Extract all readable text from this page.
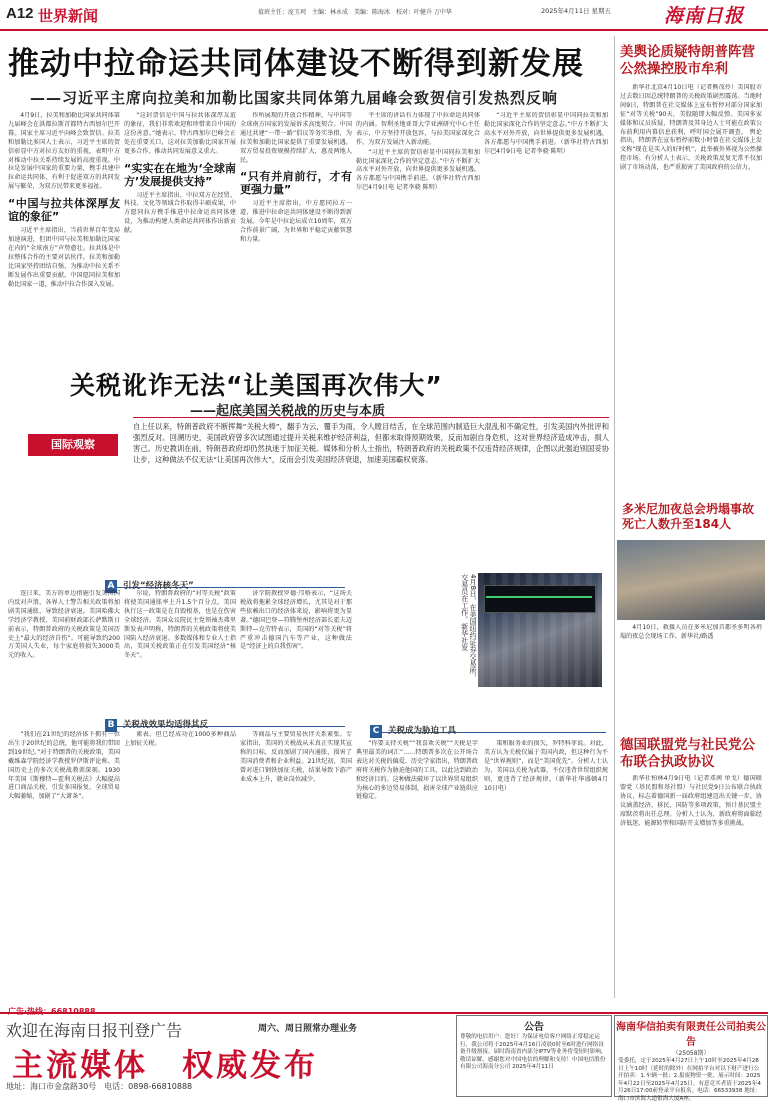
A12 世界新闻	值班主任：庞玉珂　主编：林永成　美编：陈海冰　校对：叶健升 万中华	2025年4月11日 星期五	海南日报
推动中拉命运共同体建设不断得到新发展
——习近平主席向拉美和加勒比国家共同体第九届峰会致贺信引发热烈反响

4月9日，拉美和加勒比国家共同体第九届峰会在洪都拉斯首都特古西加尔巴开幕。国家主席习近平向峰会致贺信。拉美和加勒比多国人士表示，习近平主席的贺信彰显中方对拉方友好的重视，表明中方对推动中拉关系持续发展的高度重视。中拉是发展中国家的重要力量，携手共建中拉命运共同体，有利于促进双方的共同发展与繁荣，为双方民带来更多福祉。

“中国与拉共体深厚友谊的象征”

习近平主席指出，当前世界百年变局加速演进，但团中国与拉美和加勒比国家在内的“全球南方”声势愈壮。拉共体是中拉整体合作的主要对话伙伴。拉美和加勒比国家坚持团结自强，为推动中拉关系不断发展作出重要贡献。中国愿同拉美和加勒比国家一道，推动中拉合作深入发展。

“这封贺信是中国与拉共体深厚友谊的象征，我们非常欢迎和珍惜来自中国的这份善意。”她表示，特古西加尔巴峰会正处在重要关口，这对拉美加勒比国家开展更多合作、推动共同发展意义重大。

“实实在在地为‘全球南方’发展提供支持”

习近平主席指出，中拉双方在经贸、科技、文化等领域合作取得丰硕成果，中方愿同拉方携手推进中拉命运共同体建设，为推动构建人类命运共同体作出新贡献。

作所展现的开放合作精神，与中国等全球南方国家的发展诉求高度契合。中国通过共建“一带一路”倡议等务实举措，为拉美和加勒比国家提供了重要发展机遇，双方贸易投资规模持续扩大，惠及两地人民。

“只有并肩前行，才有更强力量”

习近平主席指出，中方愿同拉方一道，推进中拉命运共同体建设不断得到新发展。今年是中拉论坛成立10周年，双方合作前景广阔，为世界和平稳定贡献智慧和力量。

平主席的讲话有力体现了中拉命运共同体的内涵。智利圣地亚哥大学亚洲研究中心主任表示，中方坚持开放包容，与拉美国家深化合作，为双方发展注入新动能。

“习近平主席的贺信彰显中国同拉美和加勒比国家深化合作的坚定意志。”中方不断扩大高水平对外开放，向世界提供更多发展机遇，各方都愿与中国携手前进。（新华社特古西加尔巴4月9日电 记者李骁 陈明）

“习近平主席的贺信彰显中国同拉美和加勒比国家深化合作的坚定意志。”中方不断扩大高水平对外开放，向世界提供更多发展机遇，各方都愿与中国携手前进。（新华社特古西加尔巴4月9日电 记者李骁 陈明）

美舆论质疑特朗普阵营公然操控股市牟利

新华社北京4月10日电（记者熊茂伶）美国股市过去数日因总统特朗普的关税政策剧烈震荡。当地时间9日，特朗普在社交媒体上宣布暂停对部分国家加征“对等关税”90天，美股随即大幅反弹。美国多家媒体和议员质疑，特朗普及其身边人士可能在政策公布前利用内幕信息获利，呼吁国会展开调查。 舆论指出，特朗普在宣布暂停前数小时曾在社交媒体上发文称“现在是买入的好时机”，此举被外界视为公然操控市场。有分析人士表示，关税政策反复无常不仅加剧了市场动荡，也严重损害了美国政府的公信力。

多米尼加夜总会坍塌事故死亡人数升至184人

4月10日，救援人员在多米尼加首都圣多明各坍塌的夜总会现场工作。新华社/路透

德国联盟党与社民党公布联合执政协议

新华社柏林4月9日电（记者邓茜 单戈）德国联盟党（基民盟和基社盟）与社民党9日公布联合执政协议，标志着德国新一届政府组建迈出关键一步。协议涵盖经济、移民、国防等多项政策，预计基民盟主席默茨将出任总理。分析人士认为，新政府将面临经济低迷、能源转型和国防开支增加等多重挑战。

关税讹诈无法“让美国再次伟大”
——起底美国关税战的历史与本质
国际观察
自上任以来，特朗普政府不断挥舞“关税大棒”，翻手为云，覆手为雨，令人瞠目结舌，在全球范围内制造巨大混乱和不确定性，引发美国内外批评和强烈反对。回溯历史，美国政府曾多次试图通过提升关税来维护经济利益，但都未取得预期效果，反而加剧自身危机，这对世界经济造成冲击，损人害己。历史教训在前，特朗普政府却仍然执迷于加征关税。媒体和分析人士指出，特朗普政府的关税政策不仅违背经济规律，企图以此强迫别国妥协让步，这种做法不仅无法“让美国再次伟大”，反而会引发美国经济衰退，加速美国霸权衰落。
A 引发“经济核冬天”

连日来，美方的单边措施引发美国国内反对声浪，各界人士警告相关政策将加剧美国通胀，导致经济衰退。美国哈佛大学经济学教授、美国前财政部长萨默斯日前表示，特朗普政府的关税政策是美国历史上“最大的经济自伤”。可能导致约200万美国人失业，每个家庭将损失3000美元的收入。

尔说，特朗普政府的“对等关税”政策将使美国通胀率上升1.5个百分点，美国执行这一政策是在自毁根基，也是在伤害全球经济。美国众议院民主党领袖杰弗里斯发表声明称，特朗普的关税政策将使美国陷入经济衰退。多数媒体和专业人士指出，美国关税政策正在引发美国经济“核冬天”。

济学院教授罗德·邝格表示，“这场关税战将拖累全球经济增长，尤其是对于那些依赖出口的经济体来说，影响将更为显著。”德国巴登—符腾堡州经济部长霍夫迈斯特—克劳特表示，美国的“对等关税”将严重冲击德国汽车等产业，这种做法是“经济上的自我伤害”。	4月8日，在美国纽约证券交易所，交易员在工作。新华社发
B 关税战效果均适得其反

“我们在21世纪的经济体下拥有一位出生于20世纪的总统，他可能将我们带回到19世纪。”对于特朗普的关税政策，美国戴维森学院经济学教授罗伊斯评论称。美国历史上的多次关税战教训深刻。1930年美国《斯穆特—霍利关税法》大幅提高进口商品关税，引发多国报复，全球贸易大幅萎缩，加剧了“大萧条”。

素表，但已经成功在1000多种商品上加征关税。

等商品与主要贸易伙伴关系紧张。专家指出，美国的关税战从未真正实现其宣称的目标，反而加剧了国内通胀，损害了美国消费者和企业利益。21世纪初，美国曾对进口钢铁加征关税，结果导致下游产业成本上升，就业岗位减少。

C 关税成为胁迫工具

“你要支持关税”“我喜欢关税”“关税是字典里最美的词汇”……特朗普多次在公开场合表达对关税的偏爱。历史学家指出，特朗普政府将关税作为胁迫他国的工具，以此达到政治和经济目的。这种做法破坏了以世界贸易组织为核心的多边贸易体制，损害全球产业链供应链稳定。

策和服务业的损失，罗特科菲说。对此，美方认为关税仅属于美国内政，但这种行为不是“世界规则”，而是“美国优先”。分析人士认为，美国以关税为武器，不仅违背世贸组织规则，更违背了经济规律。（新华社华盛顿4月10日电）

欢迎在海南日报刊登广告	周六、周日照常办理业务
主流媒体　权威发布
地址：海口市金盘路30号　电话：0898-66810888
公告
尊敬的电信用户：您好！为保证电信客户网络正常稳定运行，我公司将于2025年4月16日凌晨0时至6时进行网络设备升级割接。届时海南省内部分IPTV等业务将受短时影响，敬请谅解。感谢您对中国电信的理解和支持！中国电信股份有限公司海南分公司 2025年4月11日
海南华信拍卖有限责任公司拍卖公告
（25058期）
受委托，定于2025年4月27日上午10时至2025年4月28日上午10时（延时的除外）在网拍平台对以下财产进行公开拍卖：1.车辆一批；2.报废物资一批。展示时间：2025年4月22日至2025年4月25日。有意竞买者请于2025年4月26日17:00前登录平台报名。电话：66533938 地址：海口市滨海大道银海大厦A座。
